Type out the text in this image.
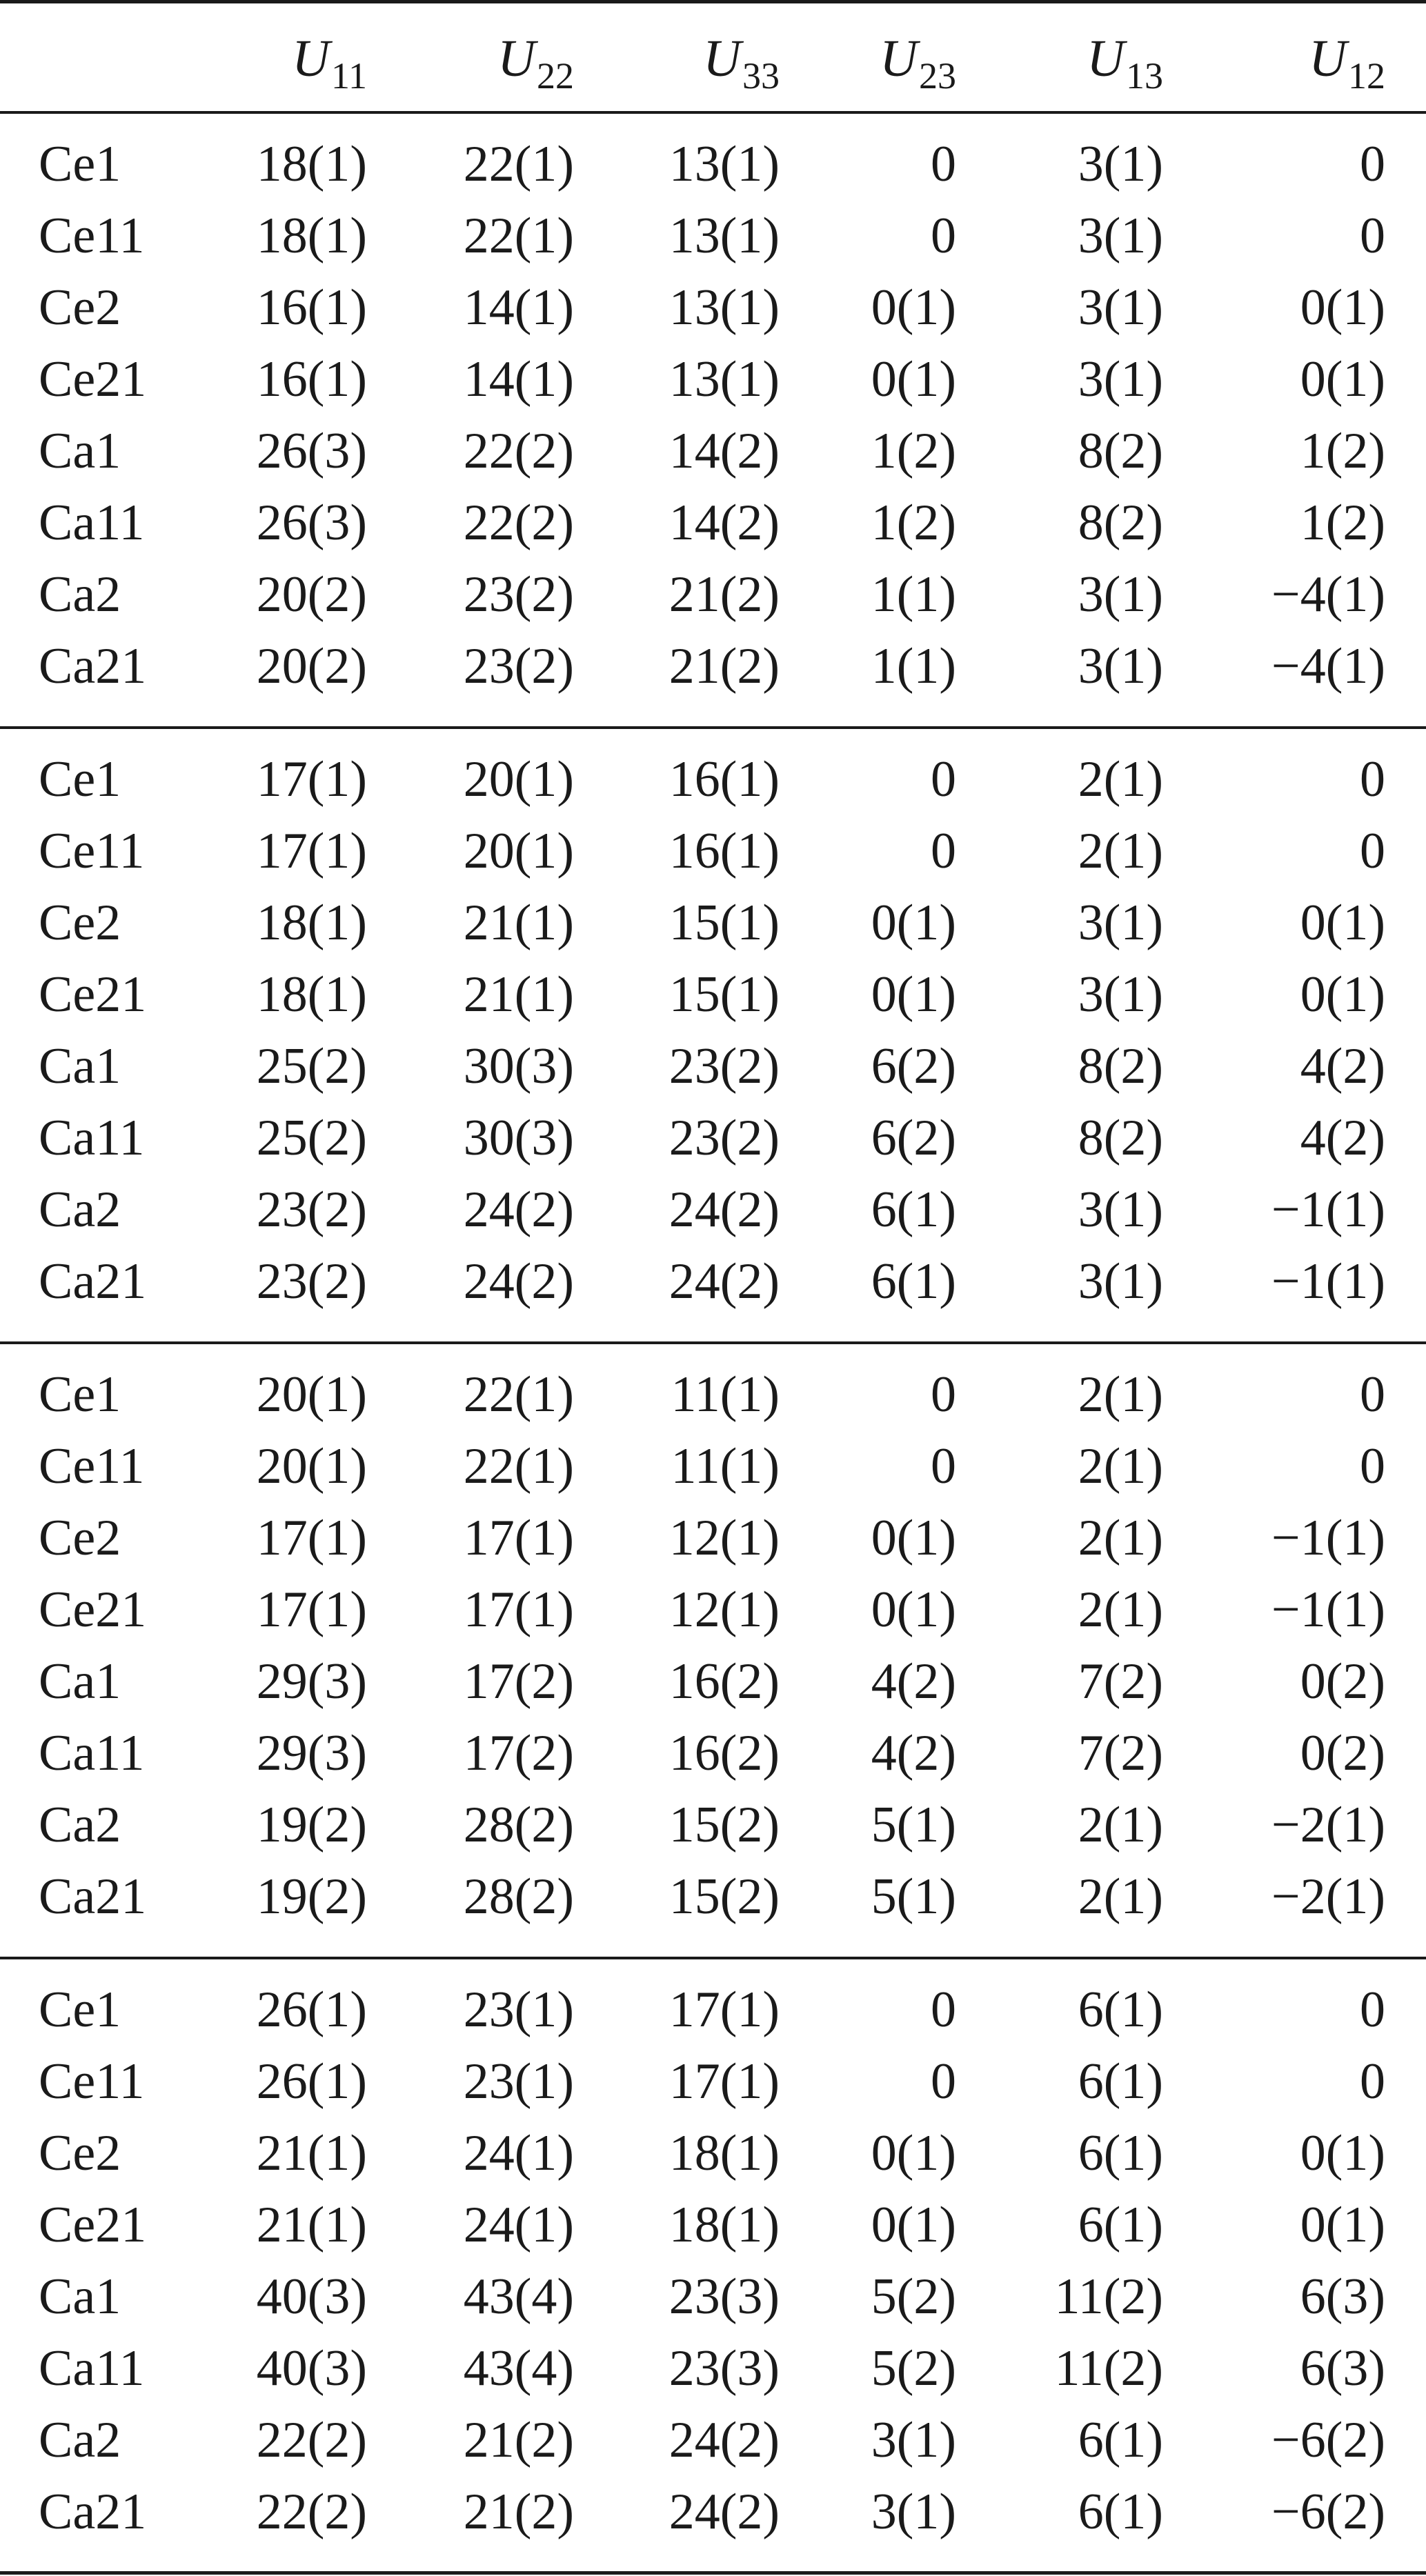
$U_{11}$ $U_{22}$ $U_{33}$ $U_{23}$ $U_{13}$	$U_{12}$
Ce1	18(1) 22(1) 13(1)	0 3(1)	0
Ce11 18(1) 22(1) 13(1)	0 3(1)	0
Ce2	16(1) 14(1) 13(1) 0(1) 3(1)	0(1)
Ce21 16(1) 14(1) 13(1) 0(1) 3(1)	0(1)
Ca1	26(3) 22(2) 14(2) 1(2) 8(2)	1(2)
Ca11 26(3) 22(2) 14(2) 1(2) 8(2)	1(2)
Ca2	20(2) 23(2) 21(2) 1(1) 3(1) −4(1)
Ca21 20(2) 23(2) 21(2) 1(1) 3(1) −4(1)
Ce1	17(1) 20(1) 16(1)	0 2(1)	0
Ce11 17(1) 20(1) 16(1)	0 2(1)	0
Ce2	18(1) 21(1) 15(1) 0(1) 3(1)	0(1)
Ce21 18(1) 21(1) 15(1) 0(1) 3(1)	0(1)
Ca1	25(2) 30(3) 23(2) 6(2) 8(2)	4(2)
Ca11 25(2) 30(3) 23(2) 6(2) 8(2)	4(2)
Ca2	23(2) 24(2) 24(2) 6(1) 3(1) −1(1)
Ca21 23(2) 24(2) 24(2) 6(1) 3(1) −1(1)
Ce1	20(1) 22(1) 11(1)	0 2(1)	0
Ce11 20(1) 22(1) 11(1)	0 2(1)	0
Ce2	17(1) 17(1) 12(1) 0(1) 2(1) −1(1)
Ce21 17(1) 17(1) 12(1) 0(1) 2(1) −1(1)
Ca1	29(3) 17(2) 16(2) 4(2) 7(2)	0(2)
Ca11 29(3) 17(2) 16(2) 4(2) 7(2)	0(2)
Ca2	19(2) 28(2) 15(2) 5(1) 2(1) −2(1)
Ca21 19(2) 28(2) 15(2) 5(1) 2(1) −2(1)
Ce1	26(1) 23(1) 17(1)	0 6(1)	0
Ce11 26(1) 23(1) 17(1)	0 6(1)	0
Ce2	21(1) 24(1) 18(1) 0(1) 6(1)	0(1)
Ce21 21(1) 24(1) 18(1) 0(1) 6(1)	0(1)
Ca1	40(3) 43(4) 23(3) 5(2) 11(2)	6(3)
Ca11 40(3) 43(4) 23(3) 5(2) 11(2)	6(3)
Ca2	22(2) 21(2) 24(2) 3(1) 6(1) −6(2)
Ca21 22(2) 21(2) 24(2) 3(1) 6(1) −6(2)
